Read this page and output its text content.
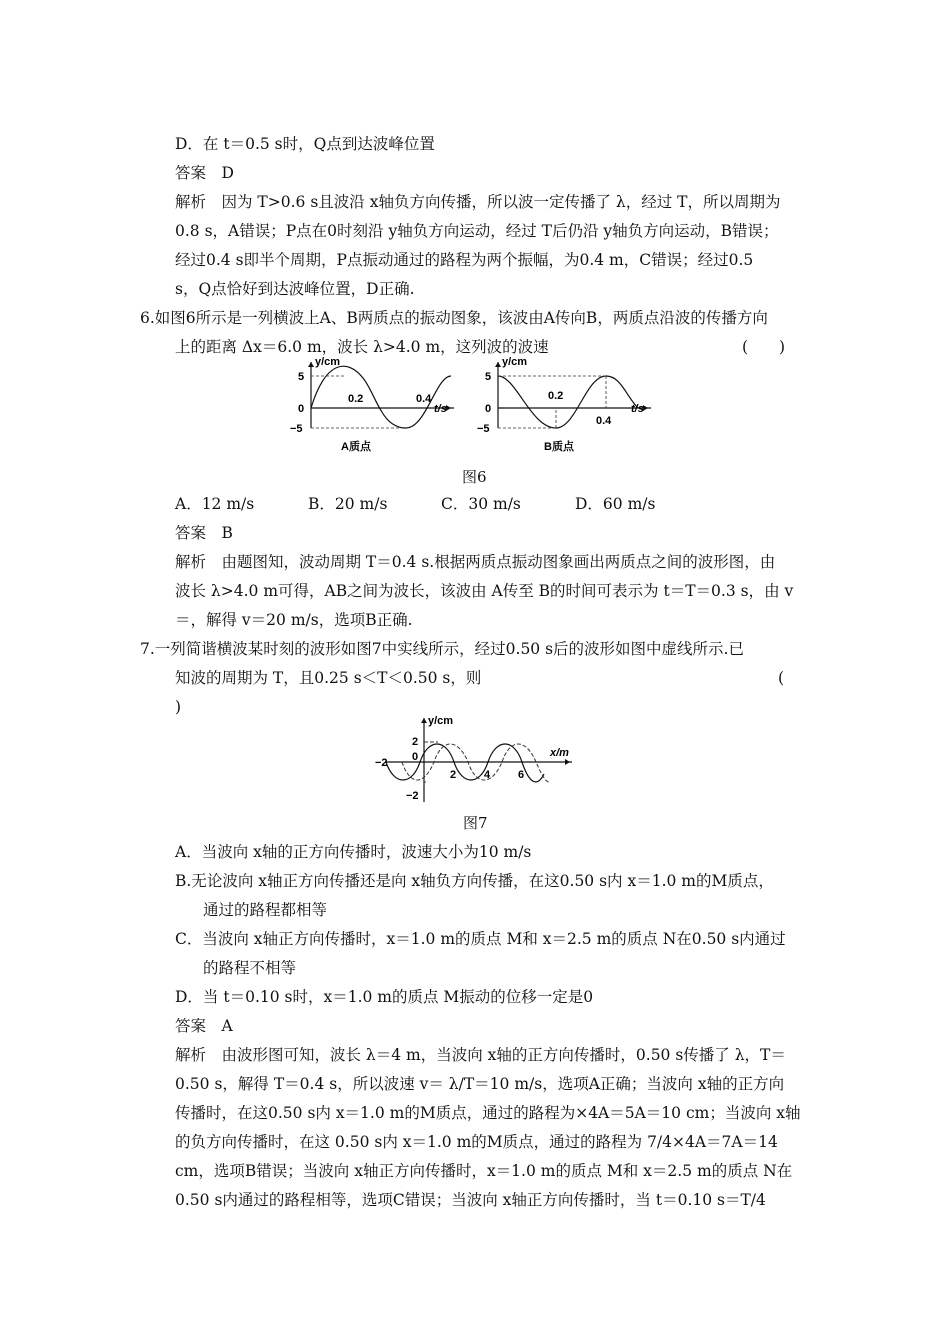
D．在 t＝0.5 s时，Q点到达波峰位置
答案　D
解析　因为 T>0.6 s且波沿 x轴负方向传播，所以波一定传播了 λ，经过 T，所以周期为
0.8 s，A错误；P点在0时刻沿 y轴负方向运动，经过 T后仍沿 y轴负方向运动，B错误；
经过0.4 s即半个周期，P点振动通过的路程为两个振幅，为0.4 m，C错误；经过0.5
s，Q点恰好到达波峰位置，D正确.
6.如图6所示是一列横波上A、B两质点的振动图象，该波由A传向B，两质点沿波的传播方向
上的距离 Δx＝6.0 m，波长 λ>4.0 m，这列波的波速	(　　)
y/cm
5
0
−5
0.2	0.4
t/s
A质点
y/cm
5
0
−5
0.2
0.4
t/s
B质点
图6
A．12 m/s	B．20 m/s	C．30 m/s	D．60 m/s
答案　B
解析　由题图知，波动周期 T＝0.4 s.根据两质点振动图象画出两质点之间的波形图，由
波长 λ>4.0 m可得，AB之间为波长，该波由 A传至 B的时间可表示为 t＝T＝0.3 s，由 v
＝，解得 v＝20 m/s，选项B正确.
7.一列简谐横波某时刻的波形如图7中实线所示，经过0.50 s后的波形如图中虚线所示.已
知波的周期为 T，且0.25 s＜T＜0.50 s，则	(
)
y/cm
2
0
−2
−2
2	4	6
x/m
图7
A．当波向 x轴的正方向传播时，波速大小为10 m/s
B.无论波向 x轴正方向传播还是向 x轴负方向传播，在这0.50 s内 x＝1.0 m的M质点，
通过的路程都相等
C．当波向 x轴正方向传播时，x＝1.0 m的质点 M和 x＝2.5 m的质点 N在0.50 s内通过
的路程不相等
D．当 t＝0.10 s时，x＝1.0 m的质点 M振动的位移一定是0
答案　A
解析　由波形图可知，波长 λ＝4 m，当波向 x轴的正方向传播时，0.50 s传播了 λ，T＝
0.50 s，解得 T＝0.4 s，所以波速 v＝ λ/T＝10 m/s，选项A正确；当波向 x轴的正方向
传播时，在这0.50 s内 x＝1.0 m的M质点，通过的路程为×4A＝5A＝10 cm；当波向 x轴
的负方向传播时，在这 0.50 s内 x＝1.0 m的M质点，通过的路程为 7/4×4A＝7A＝14
cm，选项B错误；当波向 x轴正方向传播时，x＝1.0 m的质点 M和 x＝2.5 m的质点 N在
0.50 s内通过的路程相等，选项C错误；当波向 x轴正方向传播时，当 t＝0.10 s＝T/4
